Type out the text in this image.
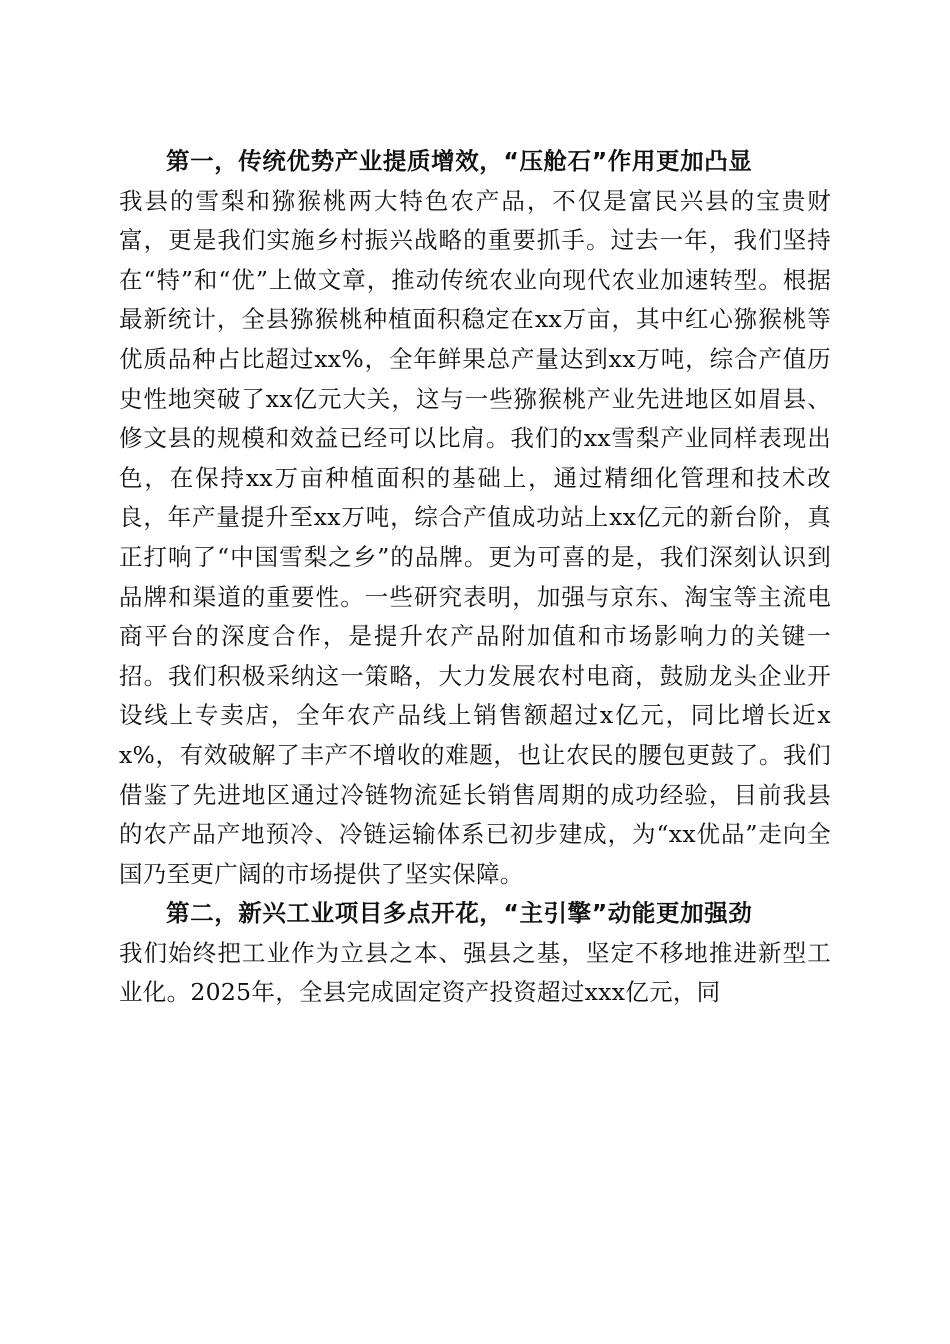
第一，传统优势产业提质增效，“压舱石”作用更加凸显
我县的雪梨和猕猴桃两大特色农产品，不仅是富民兴县的宝贵财富，更是我们实施乡村振兴战略的重要抓手。过去一年，我们坚持在“特”和“优”上做文章，推动传统农业向现代农业加速转型。根据最新统计，全县猕猴桃种植面积稳定在xx万亩，其中红心猕猴桃等优质品种占比超过xx%，全年鲜果总产量达到xx万吨，综合产值历史性地突破了xx亿元大关，这与一些猕猴桃产业先进地区如眉县、修文县的规模和效益已经可以比肩。我们的xx雪梨产业同样表现出色，在保持xx万亩种植面积的基础上，通过精细化管理和技术改良，年产量提升至xx万吨，综合产值成功站上xx亿元的新台阶，真正打响了“中国雪梨之乡”的品牌。更为可喜的是，我们深刻认识到品牌和渠道的重要性。一些研究表明，加强与京东、淘宝等主流电商平台的深度合作，是提升农产品附加值和市场影响力的关键一招。我们积极采纳这一策略，大力发展农村电商，鼓励龙头企业开设线上专卖店，全年农产品线上销售额超过x亿元，同比增长近xx%，有效破解了丰产不增收的难题，也让农民的腰包更鼓了。我们借鉴了先进地区通过冷链物流延长销售周期的成功经验，目前我县的农产品产地预冷、冷链运输体系已初步建成，为“xx优品”走向全国乃至更广阔的市场提供了坚实保障。
第二，新兴工业项目多点开花，“主引擎”动能更加强劲
我们始终把工业作为立县之本、强县之基，坚定不移地推进新型工业化。2025年，全县完成固定资产投资超过xxx亿元，同
